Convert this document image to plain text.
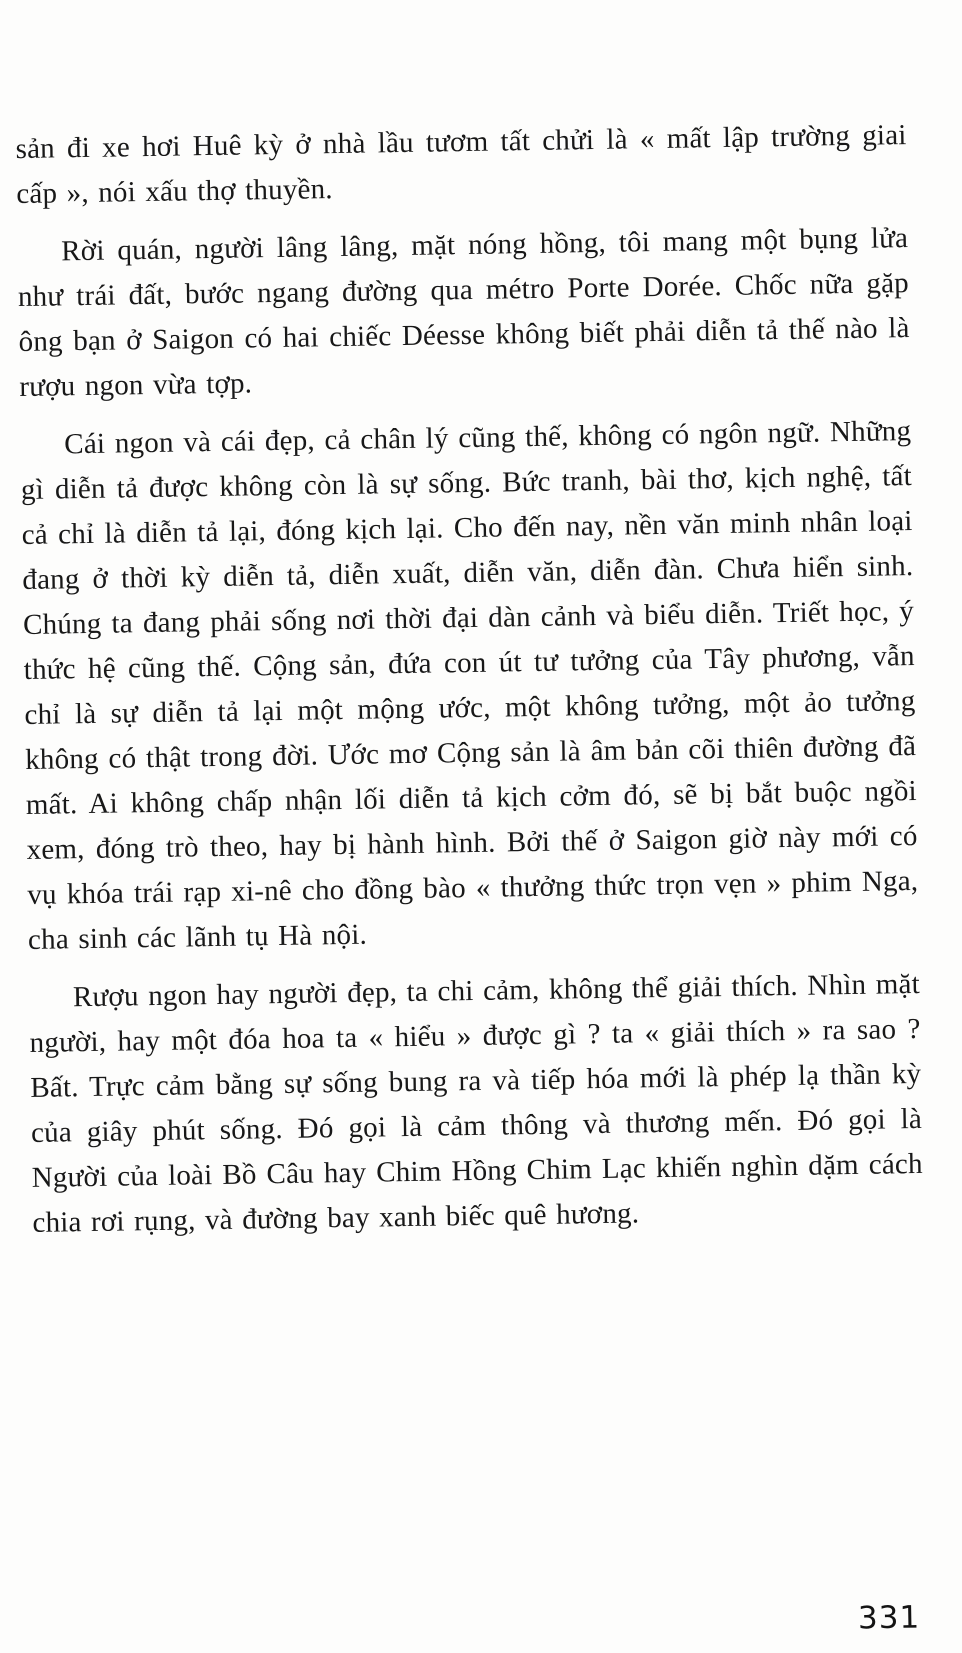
sản đi xe hơi Huê kỳ ở nhà lầu tươm tất chửi là « mất lập trường giai cấp », nói xấu thợ thuyền.

Rời quán, người lâng lâng, mặt nóng hồng, tôi mang một bụng lửa như trái đất, bước ngang đường qua métro Porte Dorée. Chốc nữa gặp ông bạn ở Saigon có hai chiếc Déesse không biết phải diễn tả thế nào là rượu ngon vừa tợp.

Cái ngon và cái đẹp, cả chân lý cũng thế, không có ngôn ngữ. Những gì diễn tả được không còn là sự sống. Bức tranh, bài thơ, kịch nghệ, tất cả chỉ là diễn tả lại, đóng kịch lại. Cho đến nay, nền văn minh nhân loại đang ở thời kỳ diễn tả, diễn xuất, diễn văn, diễn đàn. Chưa hiển sinh. Chúng ta đang phải sống nơi thời đại dàn cảnh và biểu diễn. Triết học, ý thức hệ cũng thế. Cộng sản, đứa con út tư tưởng của Tây phương, vẫn chỉ là sự diễn tả lại một mộng ước, một không tưởng, một ảo tưởng không có thật trong đời. Ước mơ Cộng sản là âm bản cõi thiên đường đã mất. Ai không chấp nhận lối diễn tả kịch cởm đó, sẽ bị bắt buộc ngồi xem, đóng trò theo, hay bị hành hình. Bởi thế ở Saigon giờ này mới có vụ khóa trái rạp xi-nê cho đồng bào « thưởng thức trọn vẹn » phim Nga, cha sinh các lãnh tụ Hà nội.

Rượu ngon hay người đẹp, ta chi cảm, không thể giải thích. Nhìn mặt người, hay một đóa hoa ta « hiểu » được gì ? ta « giải thích » ra sao ? Bất. Trực cảm bằng sự sống bung ra và tiếp hóa mới là phép lạ thần kỳ của giây phút sống. Đó gọi là cảm thông và thương mến. Đó gọi là Người của loài Bồ Câu hay Chim Hồng Chim Lạc khiến nghìn dặm cách chia rơi rụng, và đường bay xanh biếc quê hương.

331
